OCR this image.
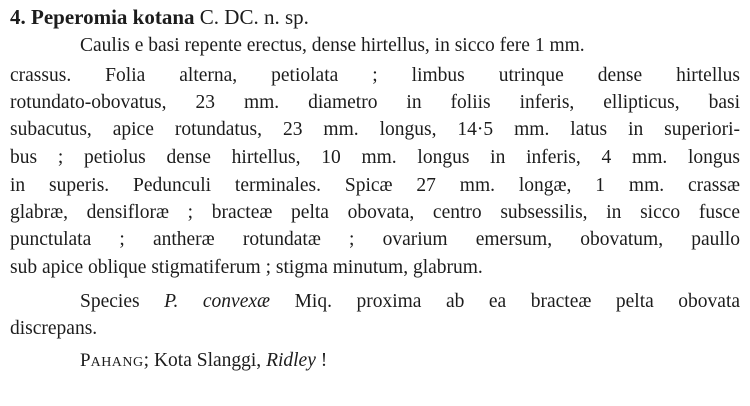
4. Peperomia kotana C. DC. n. sp.
Caulis e basi repente erectus, dense hirtellus, in sicco fere 1 mm.
crassus. Folia alterna, petiolata ; limbus utrinque dense hirtellus
rotundato-obovatus, 23 mm. diametro in foliis inferis, ellipticus, basi
subacutus, apice rotundatus, 23 mm. longus, 14·5 mm. latus in superiori-
bus ; petiolus dense hirtellus, 10 mm. longus in inferis, 4 mm. longus
in superis. Pedunculi terminales. Spicæ 27 mm. longæ, 1 mm. crassæ
glabræ, densifloræ ; bracteæ pelta obovata, centro subsessilis, in sicco fusce
punctulata ; antheræ rotundatæ ; ovarium emersum, obovatum, paullo
sub apice oblique stigmatiferum ; stigma minutum, glabrum.
Species P. convexæ Miq. proxima ab ea bracteæ pelta obovata
discrepans.
PAHANG; Kota Slanggi, Ridley !
